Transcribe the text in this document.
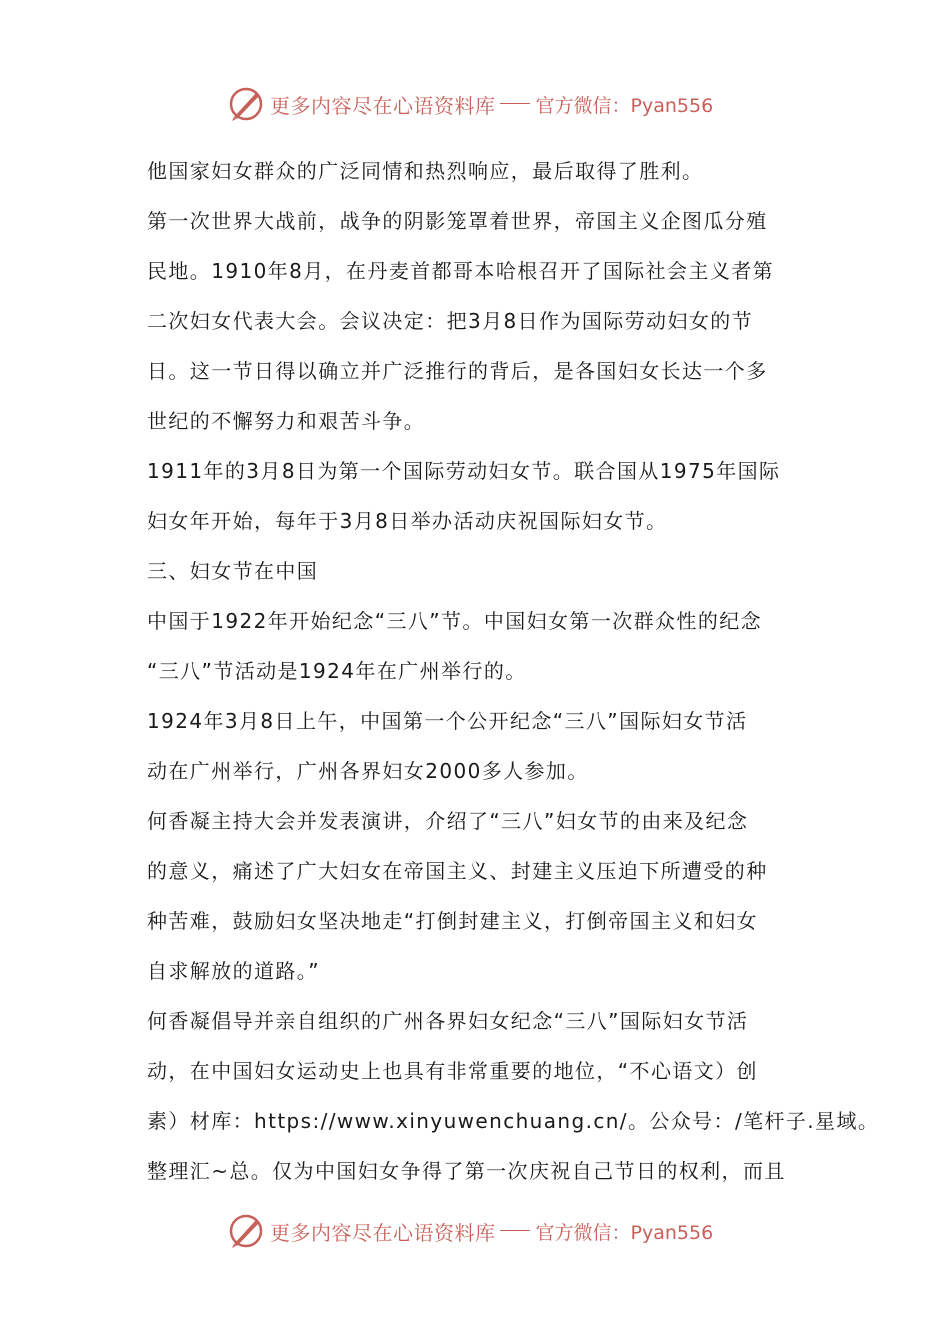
更多内容尽在心语资料库 官方微信：Pyan556

他国家妇女群众的广泛同情和热烈响应，最后取得了胜利。

第一次世界大战前，战争的阴影笼罩着世界，帝国主义企图瓜分殖

民地。1910年8月，在丹麦首都哥本哈根召开了国际社会主义者第

二次妇女代表大会。会议决定：把3月8日作为国际劳动妇女的节

日。这一节日得以确立并广泛推行的背后，是各国妇女长达一个多

世纪的不懈努力和艰苦斗争。

1911年的3月8日为第一个国际劳动妇女节。联合国从1975年国际

妇女年开始，每年于3月8日举办活动庆祝国际妇女节。

三、妇女节在中国

中国于1922年开始纪念“三八”节。中国妇女第一次群众性的纪念

“三八”节活动是1924年在广州举行的。

1924年3月8日上午，中国第一个公开纪念“三八”国际妇女节活

动在广州举行，广州各界妇女2000多人参加。

何香凝主持大会并发表演讲，介绍了“三八”妇女节的由来及纪念

的意义，痛述了广大妇女在帝国主义、封建主义压迫下所遭受的种

种苦难，鼓励妇女坚决地走“打倒封建主义，打倒帝国主义和妇女

自求解放的道路。”

何香凝倡导并亲自组织的广州各界妇女纪念“三八”国际妇女节活

动，在中国妇女运动史上也具有非常重要的地位，“不心语文）创

素）材库：https://www.xinyuwenchuang.cn/。公众号：/笔杆子.星域。

整理汇~总。仅为中国妇女争得了第一次庆祝自己节日的权利，而且

更多内容尽在心语资料库 官方微信：Pyan556
